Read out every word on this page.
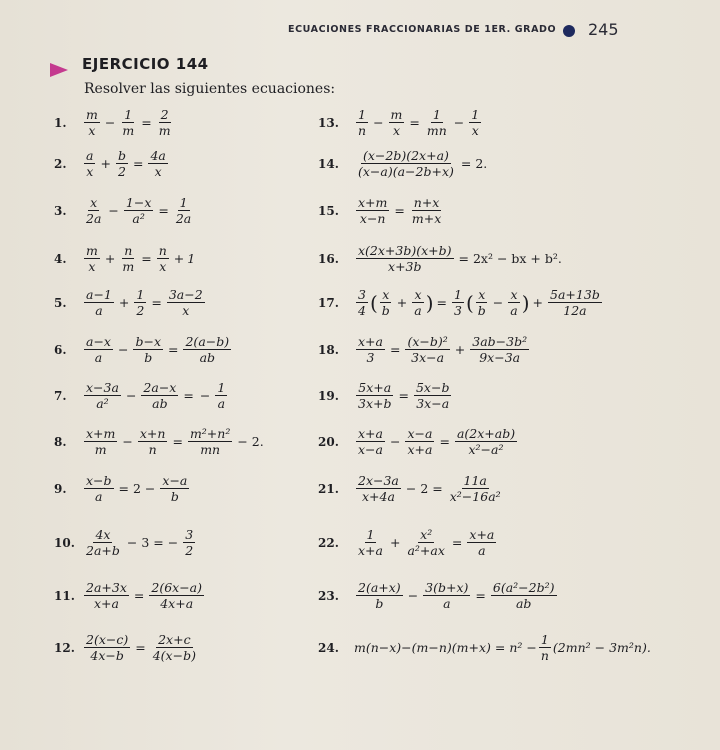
ECUACIONES FRACCIONARIAS DE 1ER. GRADO 245
EJERCICIO 144
Resolver las siguientes ecuaciones:
1.	$\frac{m}{x} - \frac{1}{m} = \frac{2}{m}$
2.	$\frac{a}{x} + \frac{b}{2} = \frac{4a}{x}$
3.	$\frac{x}{2a} - \frac{1-x}{\text{a²}} = \frac{1}{2a}$
4.	$\frac{m}{x} + \frac{n}{m} = \frac{n}{x} + 1$
5.	$\frac{a-1}{a} + \frac{1}{2} = \frac{3a-2}{x}$
6.	$\frac{a-x}{a} - \frac{b-x}{b} = \frac{2(a-b)}{ab}$
7.	$\frac{x-3a}{\text{a²}} - \frac{2a-x}{ab}$ = − $\frac{1}{a}$
8.	$\frac{x+m}{m} - \frac{x+n}{n} = \frac{\text{m²+n²}}{mn} - 2$.
9.	$\frac{x-b}{a} = 2 - \frac{x-a}{b}$
10. $\frac{4x}{2a+b} - 3$ = − $\frac{3}{2}$
11. $\frac{2a+3x}{x+a} = \frac{2(6x-a)}{4x+a}$
12. $\frac{2(x-c)}{4x-b} = \frac{2x+c}{4(x-b)}$
13.	$\frac{1}{n} - \frac{m}{x} = \frac{1}{mn} - \frac{1}{x}$
14.	$\frac{(x-2b)(2x+a)}{(x-a)(a-2b+x)} = 2$.
15.	$\frac{x+m}{x-n} = \frac{n+x}{m+x}$
16.	$\frac{x(2x+3b)(x+b)}{x+3b} = 2x^2$ − bx + b².
17.	$\frac{3}{4}$ ( $\frac{x}{b} + \frac{x}{a}$ ) = $\frac{1}{3}$ ( $\frac{x}{b} - \frac{x}{a}$ ) + $\frac{5a+13b}{12a}$
18.	$\frac{x+a}{3} = \frac{\text{(x−b)²}}{3x-a} + \frac{\text{3ab−3b²}}{9x-3a}$
19.	$\frac{5x+a}{3x+b} = \frac{5x-b}{3x-a}$
20.	$\frac{x+a}{x-a} - \frac{x-a}{x+a} = \frac{a(2x+ab)}{\text{x²−a²}}$
21.	$\frac{2x-3a}{x+4a} - 2 = \frac{11a}{\text{x²−16a²}}$
22.	$\frac{1}{x+a} + \frac{\text{x²}}{\text{a²+ax}} = \frac{x+a}{a}$
23.	$\frac{2(a+x)}{b} - \frac{3(b+x)}{a} = \frac{\text{6(a²−2b²)}}{ab}$
24.	$m(n-x)-(m-n)(m+x) = n^2 - \frac{1}{n} (2mn^2 - 3m^2n)$.
